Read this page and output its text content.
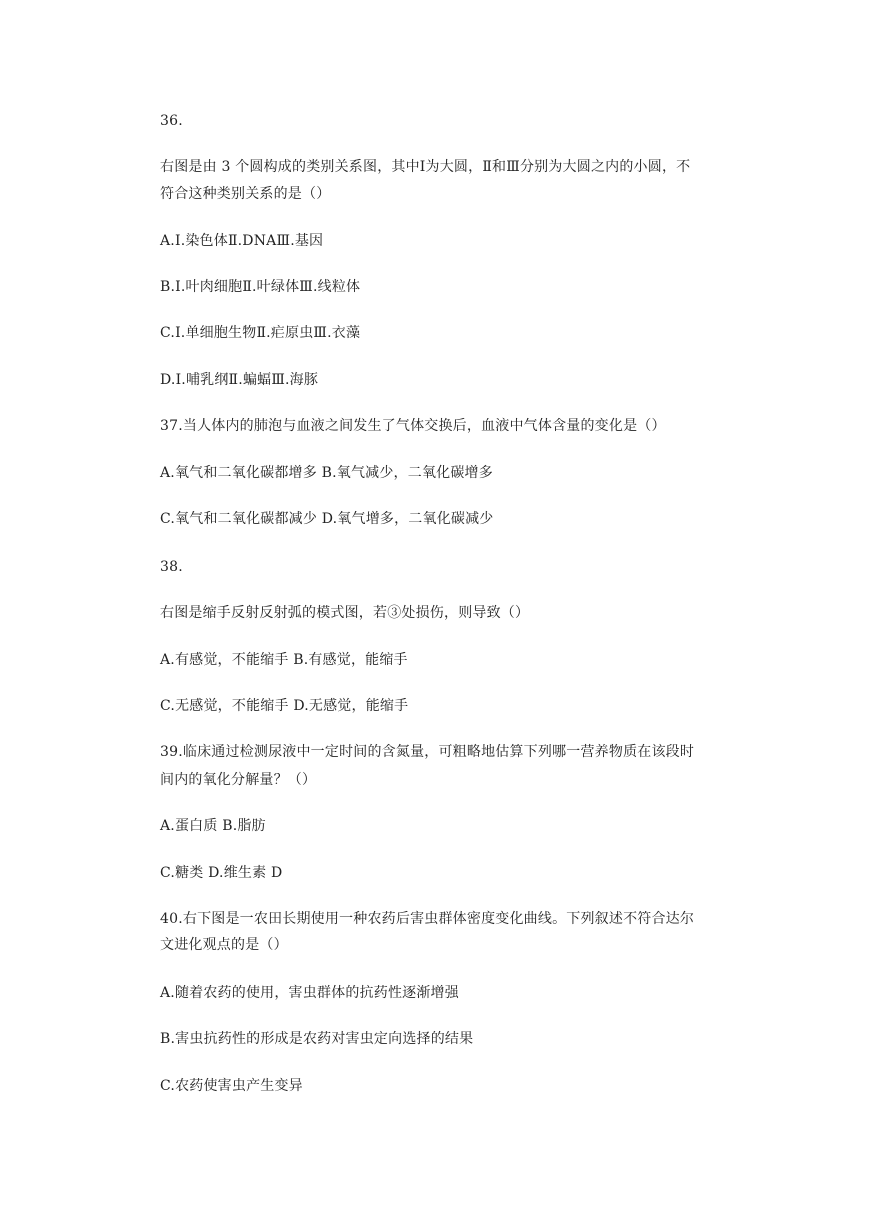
36.
右图是由 3 个圆构成的类别关系图，其中Ⅰ为大圆，Ⅱ和Ⅲ分别为大圆之内的小圆，不
符合这种类别关系的是（）
A.Ⅰ.染色体Ⅱ.DNAⅢ.基因
B.Ⅰ.叶肉细胞Ⅱ.叶绿体Ⅲ.线粒体
C.Ⅰ.单细胞生物Ⅱ.疟原虫Ⅲ.衣藻
D.Ⅰ.哺乳纲Ⅱ.蝙蝠Ⅲ.海豚
37.当人体内的肺泡与血液之间发生了气体交换后，血液中气体含量的变化是（）
A.氧气和二氧化碳都增多 B.氧气减少，二氧化碳增多
C.氧气和二氧化碳都减少 D.氧气增多，二氧化碳减少
38.
右图是缩手反射反射弧的模式图，若③处损伤，则导致（）
A.有感觉，不能缩手 B.有感觉，能缩手
C.无感觉，不能缩手 D.无感觉，能缩手
39.临床通过检测尿液中一定时间的含氮量，可粗略地估算下列哪一营养物质在该段时
间内的氧化分解量？（）
A.蛋白质 B.脂肪
C.糖类 D.维生素 D
40.右下图是一农田长期使用一种农药后害虫群体密度变化曲线。下列叙述不符合达尔
文进化观点的是（）
A.随着农药的使用，害虫群体的抗药性逐渐增强
B.害虫抗药性的形成是农药对害虫定向选择的结果
C.农药使害虫产生变异
